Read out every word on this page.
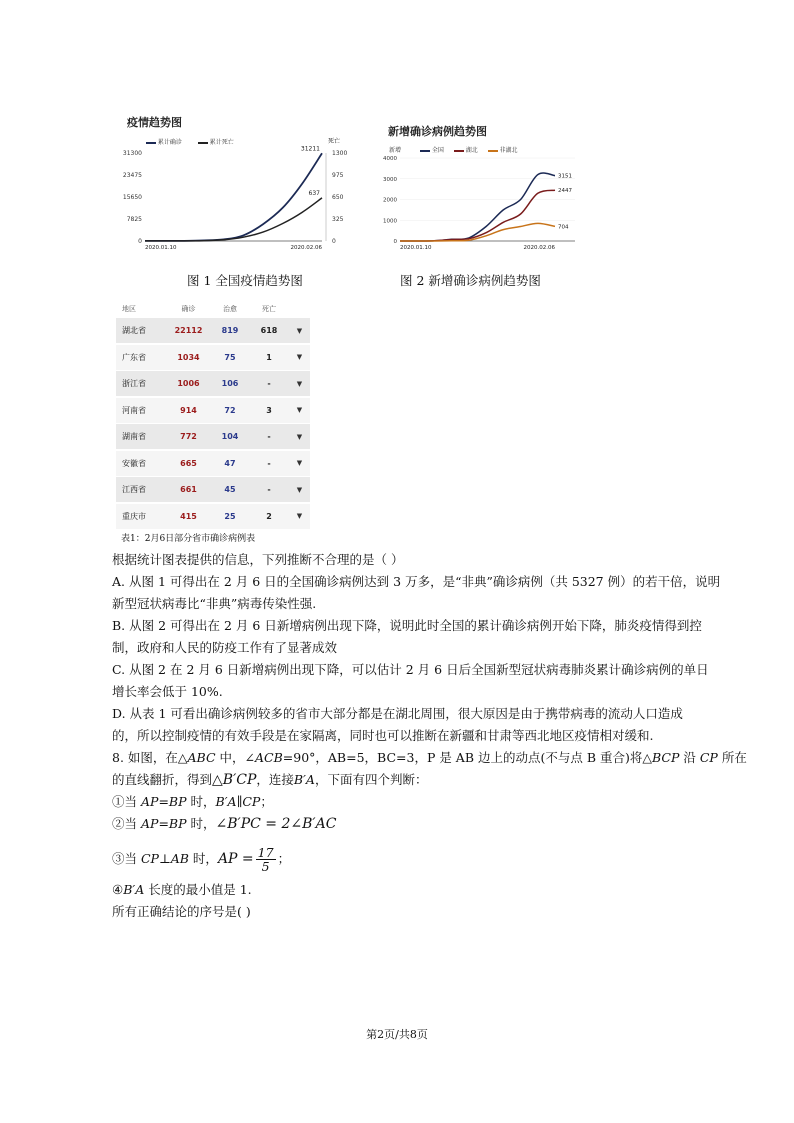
疫情趋势图
累计确诊	累计死亡	死亡
31300	1300
23475	975
15650	650
7825	325
0	0
2020.01.10	2020.02.06
31211
637
新增确诊病例趋势图
新增	全国	湖北	非湖北
4000
3000
2000
1000
0
2020.01.10	2020.02.06
3151
2447
704
图 1 全国疫情趋势图	图 2 新增确诊病例趋势图
地区	确诊	治愈	死亡
湖北省	22112	819	618	▼
广东省	1034	75	1	▼
浙江省	1006	106	-	▼
河南省	914	72	3	▼
湖南省	772	104	-	▼
安徽省	665	47	-	▼
江西省	661	45	-	▼
重庆市	415	25	2	▼
表1：2月6日部分省市确诊病例表
根据统计图表提供的信息，下列推断不合理的是（ ）
A. 从图 1 可得出在 2 月 6 日的全国确诊病例达到 3 万多，是“非典”确诊病例（共 5327 例）的若干倍，说明
新型冠状病毒比“非典”病毒传染性强.
B. 从图 2 可得出在 2 月 6 日新增病例出现下降，说明此时全国的累计确诊病例开始下降，肺炎疫情得到控
制，政府和人民的防疫工作有了显著成效
C. 从图 2 在 2 月 6 日新增病例出现下降，可以估计 2 月 6 日后全国新型冠状病毒肺炎累计确诊病例的单日
增长率会低于 10%.
D. 从表 1 可看出确诊病例较多的省市大部分都是在湖北周围，很大原因是由于携带病毒的流动人口造成
的，所以控制疫情的有效手段是在家隔离，同时也可以推断在新疆和甘肃等西北地区疫情相对缓和.
8. 如图，在△ABC 中，∠ACB=90°，AB=5，BC=3，P 是 AB 边上的动点(不与点 B 重合)将△BCP 沿 CP 所在
的直线翻折，得到△B′CP，连接B′A，下面有四个判断：
①当 AP=BP 时，B′A∥CP；
②当 AP=BP 时，∠B′PC = 2∠B′AC
③当 CP⊥AB 时，AP = $\frac{17}{5}$ ；
④B′A 长度的最小值是 1.
所有正确结论的序号是( )
第2页/共8页
